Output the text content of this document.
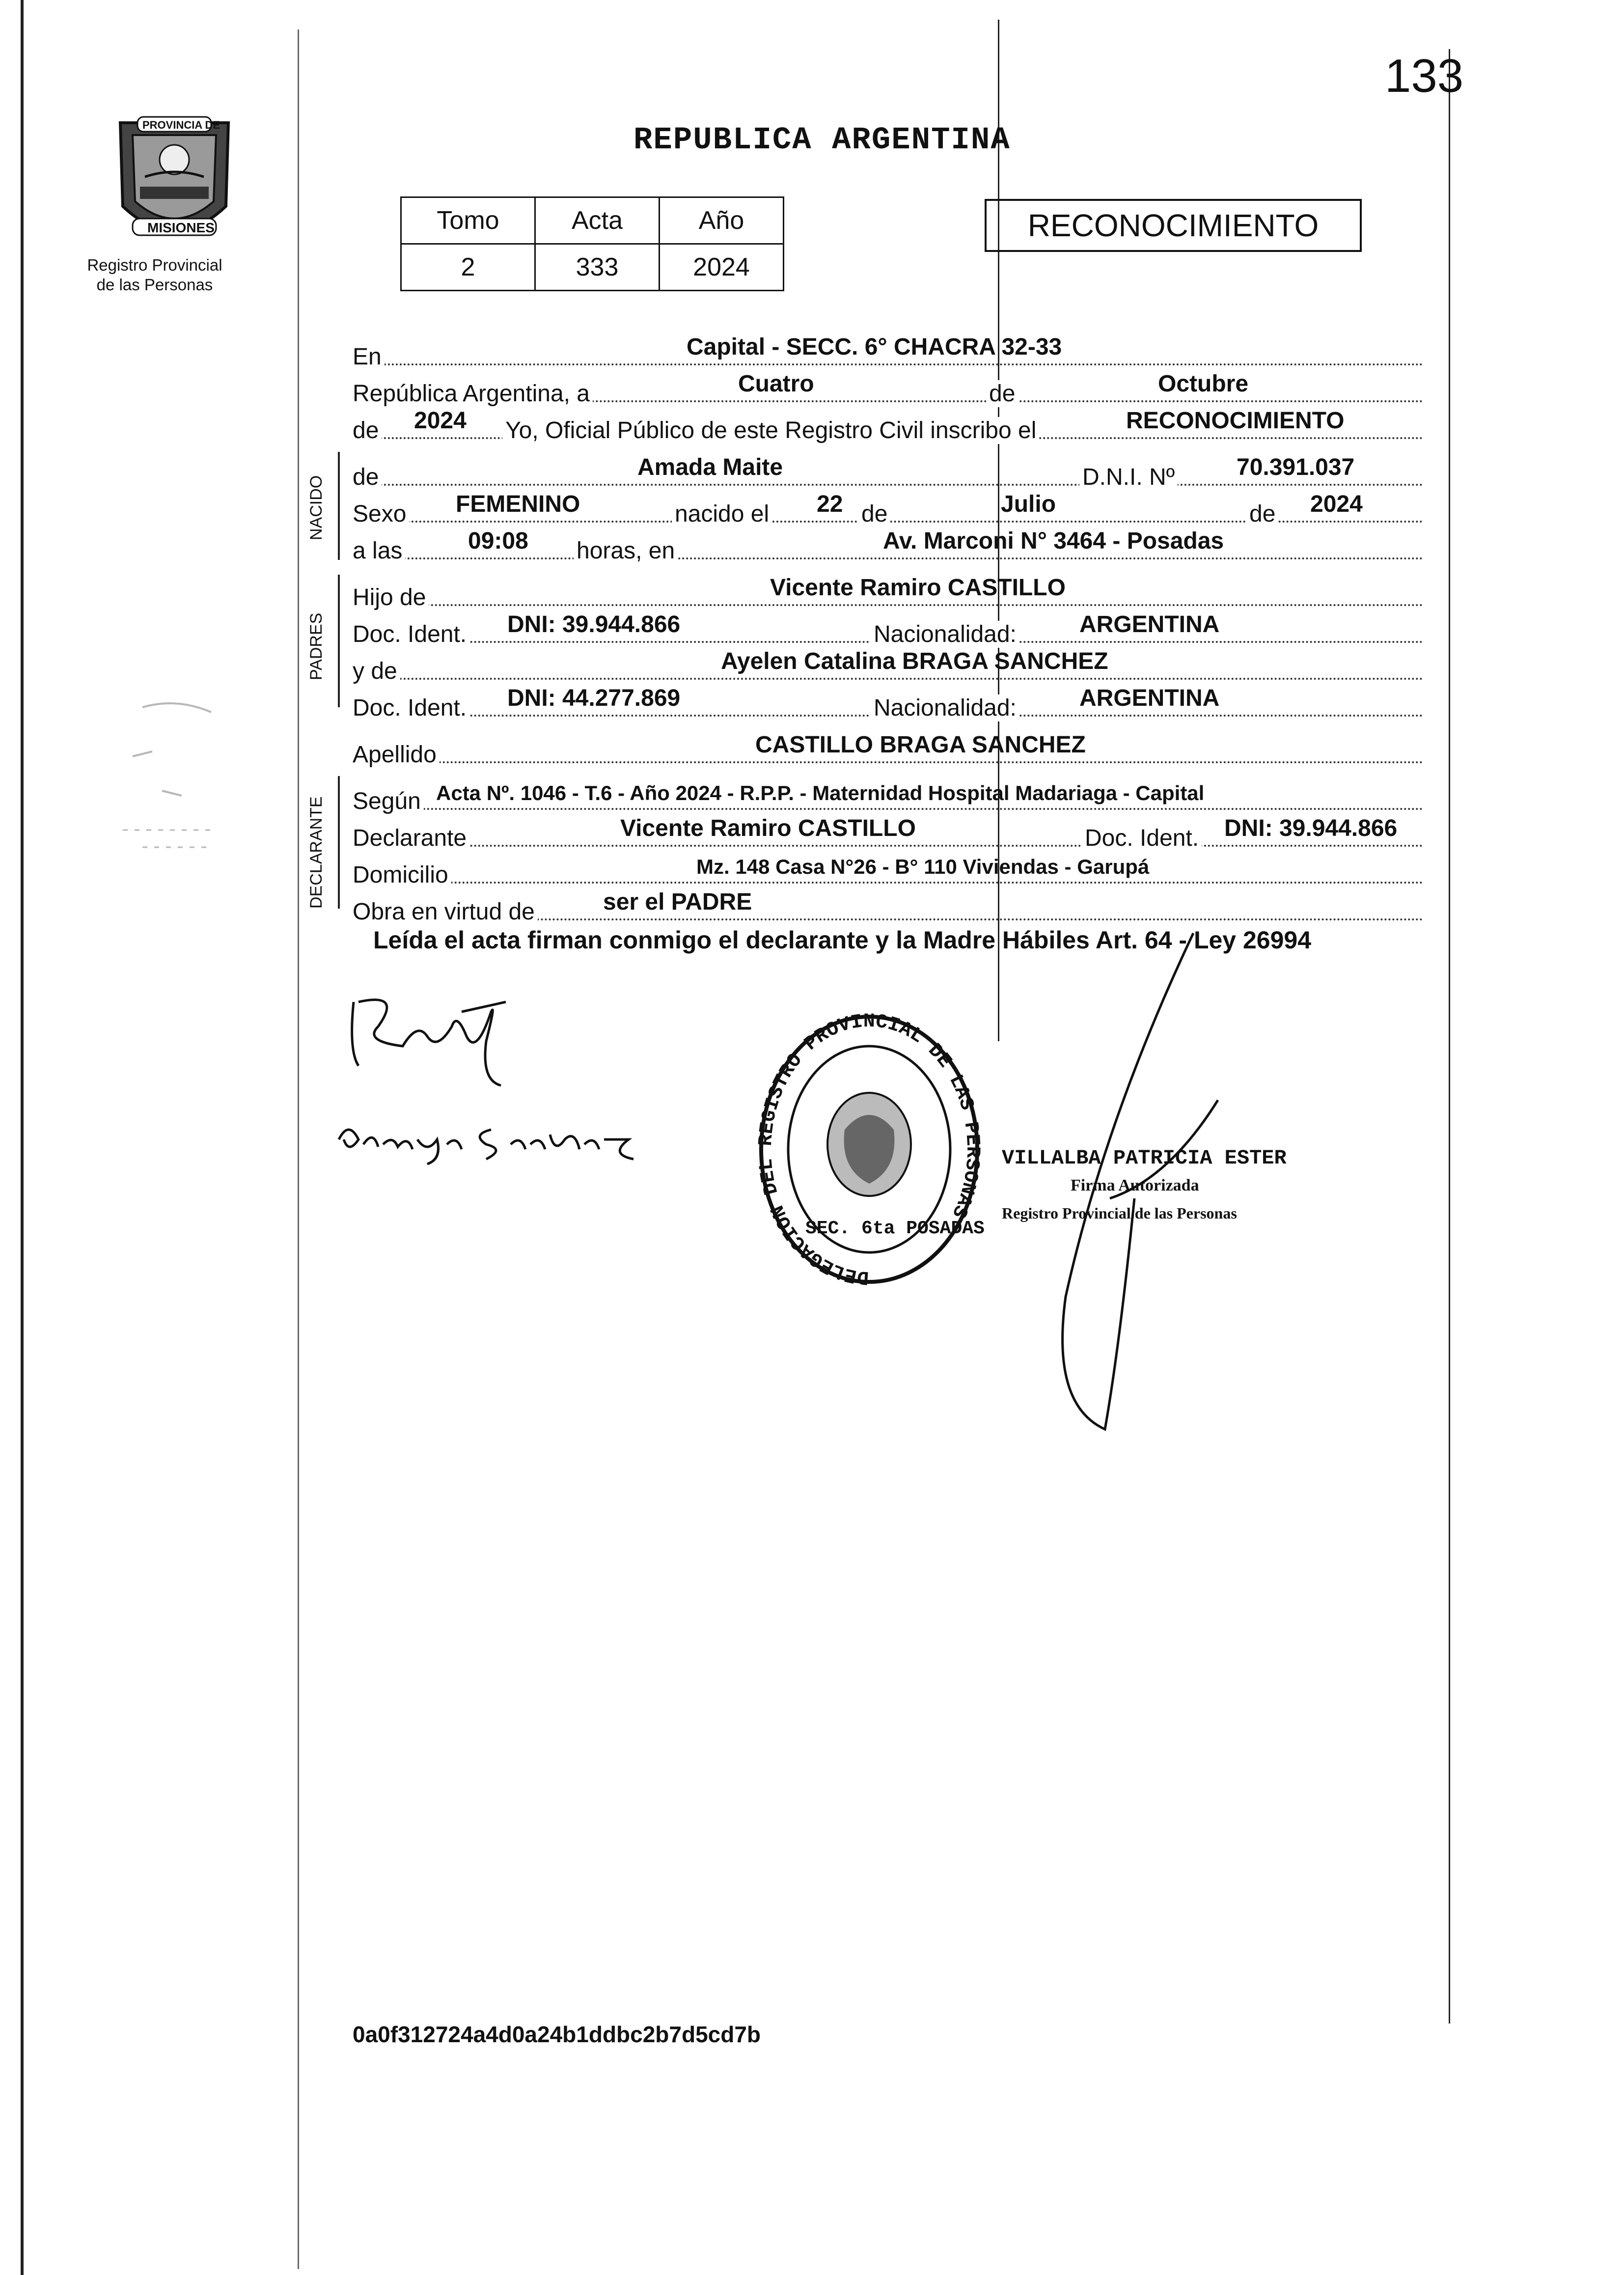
133
PROVINCIA DE
MISIONES
Registro Provincial
de las Personas
REPUBLICA ARGENTINA
Tomo	Acta	Año
2	333	2024
RECONOCIMIENTO
En	Capital - SECC. 6° CHACRA 32-33
República Argentina, a	Cuatro	de	Octubre
de 2024 Yo, Oficial Público de este Registro Civil inscribo el	RECONOCIMIENTO
NACIDO de	Amada Maite	D.N.I. Nº	70.391.037
Sexo FEMENINO	nacido el 22 de	Julio	de 2024
a las	09:08 horas, en	Av. Marconi N° 3464 - Posadas
PADRES
Hijo de	Vicente Ramiro CASTILLO
Doc. Ident. DNI: 39.944.866	Nacionalidad:	ARGENTINA
y de	Ayelen Catalina BRAGA SANCHEZ
Doc. Ident. DNI: 44.277.869	Nacionalidad:	ARGENTINA
Apellido	CASTILLO BRAGA SANCHEZ
DECLARANTE Según Acta Nº. 1046 - T.6 - Año 2024 - R.P.P. - Maternidad Hospital Madariaga - Capital
Declarante	Vicente Ramiro CASTILLO	Doc. Ident. DNI: 39.944.866
Domicilio	Mz. 148 Casa N°26 - B° 110 Viviendas - Garupá
Obra en virtud de	ser el PADRE
Leída el acta firman conmigo el declarante y la Madre Hábiles Art. 64 - Ley 26994
DELEGACION DEL REGISTRO PROVINCIAL DE LAS PERSONAS
SEC. 6ta POSADAS
VILLALBA PATRICIA ESTER
Firma Autorizada
Registro Provincial de las Personas
0a0f312724a4d0a24b1ddbc2b7d5cd7b
